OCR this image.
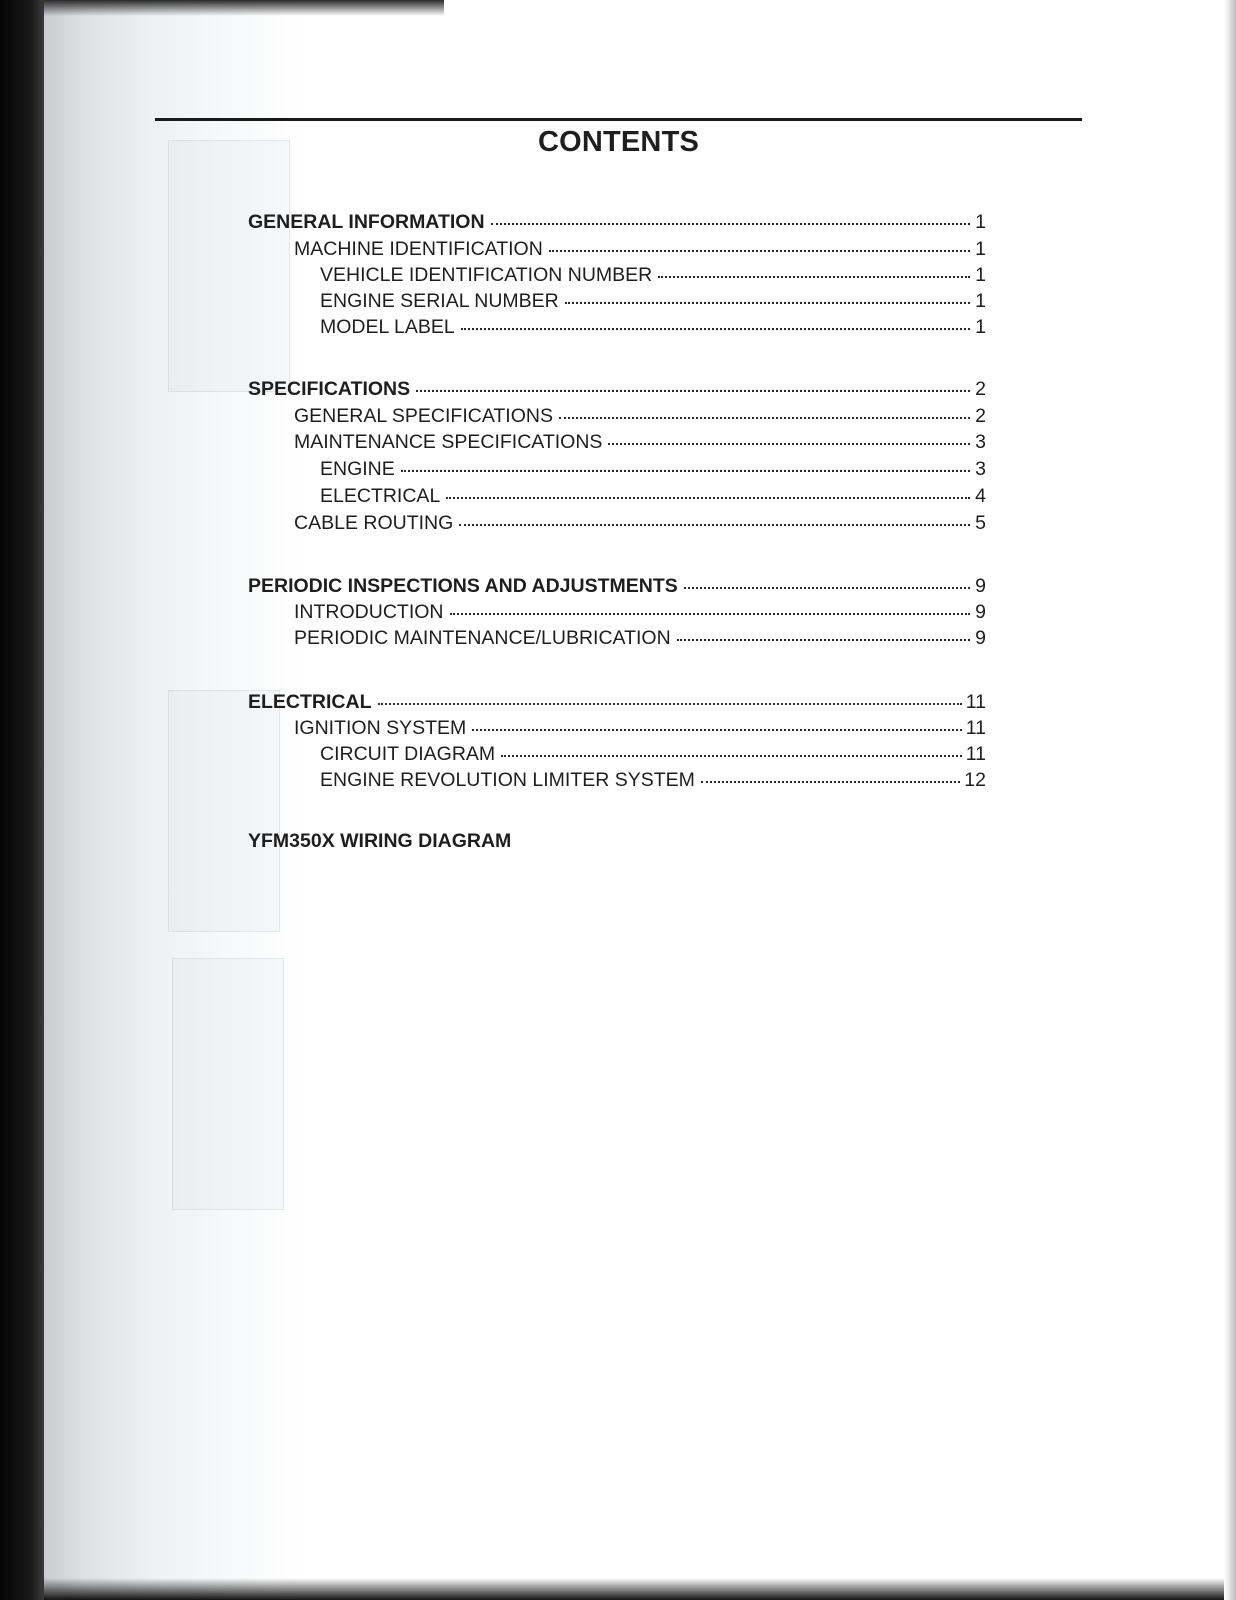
CONTENTS
GENERAL INFORMATION	1
MACHINE IDENTIFICATION	1
VEHICLE IDENTIFICATION NUMBER	1
ENGINE SERIAL NUMBER	1
MODEL LABEL	1
SPECIFICATIONS	2
GENERAL SPECIFICATIONS	2
MAINTENANCE SPECIFICATIONS	3
ENGINE	3
ELECTRICAL	4
CABLE ROUTING	5
PERIODIC INSPECTIONS AND ADJUSTMENTS	9
INTRODUCTION	9
PERIODIC MAINTENANCE/LUBRICATION	9
ELECTRICAL	11
IGNITION SYSTEM	11
CIRCUIT DIAGRAM	11
ENGINE REVOLUTION LIMITER SYSTEM	12
YFM350X WIRING DIAGRAM
